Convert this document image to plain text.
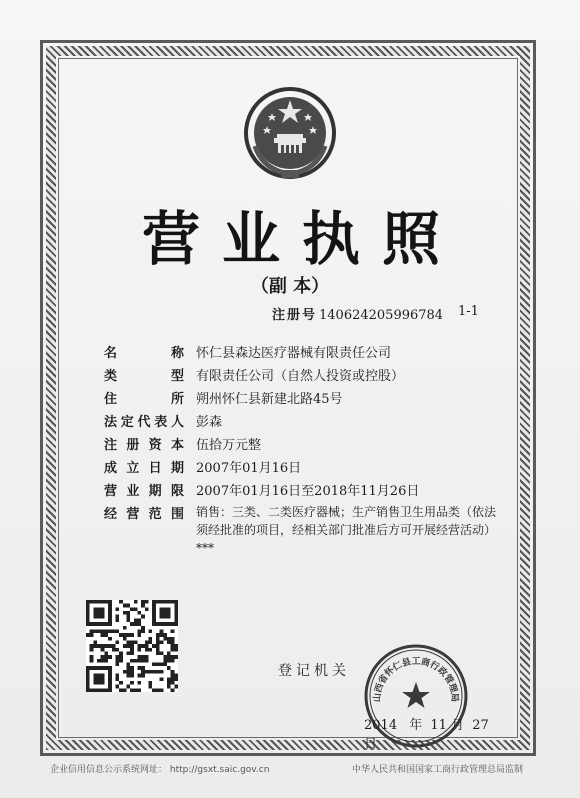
营业执照
（副 本）
注册号 140624205996784 1-1
名	称 怀仁县森达医疗器械有限责任公司
类	型 有限责任公司（自然人投资或控股）
住	所 朔州怀仁县新建北路45号
法 定 代 表 人 彭森
注 册 资 本 伍拾万元整
成 立 日 期 2007年01月16日
营 业 期 限 2007年01月16日至2018年11月26日
经 营 范 围 销售：三类、二类医疗器械；生产销售卫生用品类（依法须经批准的项目，经相关部门批准后方可开展经营活动）***
登记机关
山西省怀仁县工商行政管理局
2014 年 11 月 27 日
企业信用信息公示系统网址： http://gsxt.saic.gov.cn	中华人民共和国国家工商行政管理总局监制
